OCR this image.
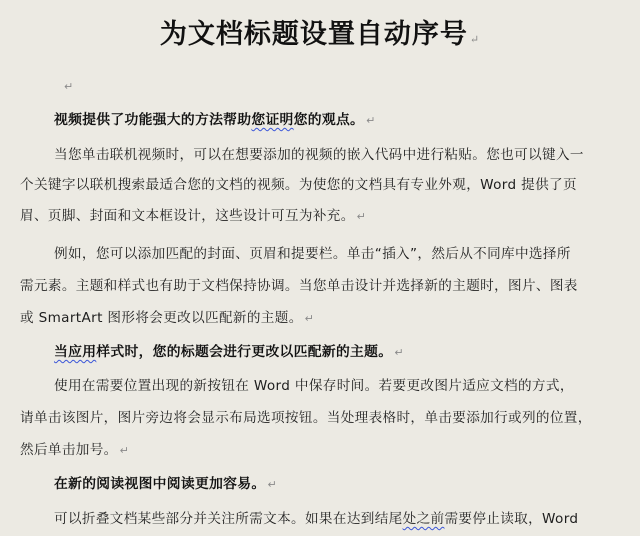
为文档标题设置自动序号 ↵
↵
视频提供了功能强大的方法帮助您证明您的观点。 ↵
当您单击联机视频时，可以在想要添加的视频的嵌入代码中进行粘贴。您也可以键入一
个关键字以联机搜索最适合您的文档的视频。为使您的文档具有专业外观，Word 提供了页
眉、页脚、封面和文本框设计，这些设计可互为补充。 ↵
例如，您可以添加匹配的封面、页眉和提要栏。单击“插入”，然后从不同库中选择所
需元素。主题和样式也有助于文档保持协调。当您单击设计并选择新的主题时，图片、图表
或 SmartArt 图形将会更改以匹配新的主题。 ↵
当应用样式时，您的标题会进行更改以匹配新的主题。 ↵
使用在需要位置出现的新按钮在 Word 中保存时间。若要更改图片适应文档的方式，
请单击该图片，图片旁边将会显示布局选项按钮。当处理表格时，单击要添加行或列的位置，
然后单击加号。 ↵
在新的阅读视图中阅读更加容易。 ↵
可以折叠文档某些部分并关注所需文本。如果在达到结尾处之前需要停止读取，Word
